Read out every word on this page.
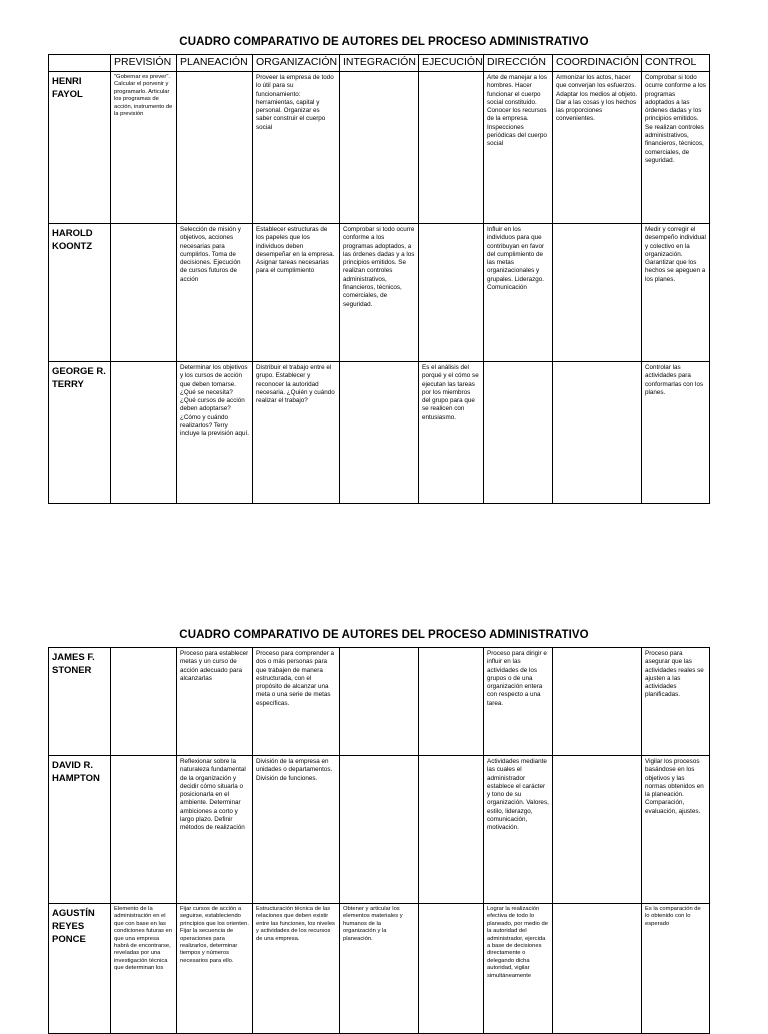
CUADRO COMPARATIVO DE AUTORES DEL PROCESO ADMINISTRATIVO
	PREVISIÓN	PLANEACIÓN	ORGANIZACIÓN	INTEGRACIÓN	EJECUCIÓN	DIRECCIÓN	COORDINACIÓN	CONTROL
HENRI FAYOL	"Gobernar es prever". Calcular el porvenir y programarlo. Articular los programas de acción, instrumento de la previsión		Proveer la empresa de todo lo útil para su funcionamiento: herramientas, capital y personal. Organizar es saber construir el cuerpo social			Arte de manejar a los hombres. Hacer funcionar el cuerpo social constituido. Conocer los recursos de la empresa. Inspecciones periódicas del cuerpo social	Armonizar los actos, hacer que converjan los esfuerzos. Adaptar los medios al objeto. Dar a las cosas y los hechos las proporciones convenientes.	Comprobar si todo ocurre conforme a los programas adoptados a las órdenes dadas y los principios emitidos. Se realizan controles administrativos, financieros, técnicos, comerciales, de seguridad.
HAROLD KOONTZ		Selección de misión y objetivos, acciones necesarias para cumplirlos. Toma de decisiones. Ejecución de cursos futuros de acción	Establecer estructuras de los papeles que los individuos deben desempeñar en la empresa. Asignar tareas necesarias para el cumplimiento	Comprobar si todo ocurre conforme a los programas adoptados, a las órdenes dadas y a los principios emitidos. Se realizan controles administrativos, financieros, técnicos, comerciales, de seguridad.		Influir en los individuos para que contribuyan en favor del cumplimiento de las metas organizacionales y grupales. Liderazgo. Comunicación		Medir y corregir el desempeño individual y colectivo en la organización. Garantizar que los hechos se apeguen a los planes.
GEORGE R. TERRY		Determinar los objetivos y los cursos de acción que deben tomarse. ¿Qué se necesita? ¿Qué cursos de acción deben adoptarse? ¿Cómo y cuándo realizarlos? Terry incluye la previsión aquí.	Distribuir el trabajo entre el grupo. Establecer y reconocer la autoridad necesaria. ¿Quién y cuándo realizar el trabajo?		Es el análisis del porqué y el cómo se ejecutan las tareas por los miembros del grupo para que se realicen con entusiasmo.			Controlar las actividades para conformarlas con los planes.
CUADRO COMPARATIVO DE AUTORES DEL PROCESO ADMINISTRATIVO
JAMES F. STONER		Proceso para establecer metas y un curso de acción adecuado para alcanzarlas	Proceso para comprender a dos o más personas para que trabajen de manera estructurada, con el propósito de alcanzar una meta o una serie de metas específicas.			Proceso para dirigir e influir en las actividades de los grupos o de una organización entera con respecto a una tarea.		Proceso para asegurar que las actividades reales se ajusten a las actividades planificadas.
DAVID R. HAMPTON		Reflexionar sobre la naturaleza fundamental de la organización y decidir cómo situarla o posicionarla en el ambiente. Determinar ambiciones a corto y largo plazo. Definir métodos de realización	División de la empresa en unidades o departamentos. División de funciones.			Actividades mediante las cuales el administrador establece el carácter y tono de su organización. Valores, estilo, liderazgo, comunicación, motivación.		Vigilar los procesos basándose en los objetivos y las normas obtenidos en la planeación. Comparación, evaluación, ajustes.
AGUSTÍN REYES PONCE	Elemento de la administración en el que con base en las condiciones futuras en que una empresa habrá de encontrarse, reveladas por una investigación técnica que determinan los	Fijar cursos de acción a seguirse, estableciendo principios que los orienten. Fijar la secuencia de operaciones para realizarlos, determinar tiempos y números necesarios para ello.	Estructuración técnica de las relaciones que deben existir entre las funciones, los niveles y actividades de los recursos de una empresa.	Obtener y articular los elementos materiales y humanos de la organización y la planeación.		Lograr la realización efectiva de todo lo planeado, por medio de la autoridad del administrador, ejercida a base de decisiones directamente o delegando dicha autoridad, vigilar simultáneamente		Es la comparación de lo obtenido con lo esperado
